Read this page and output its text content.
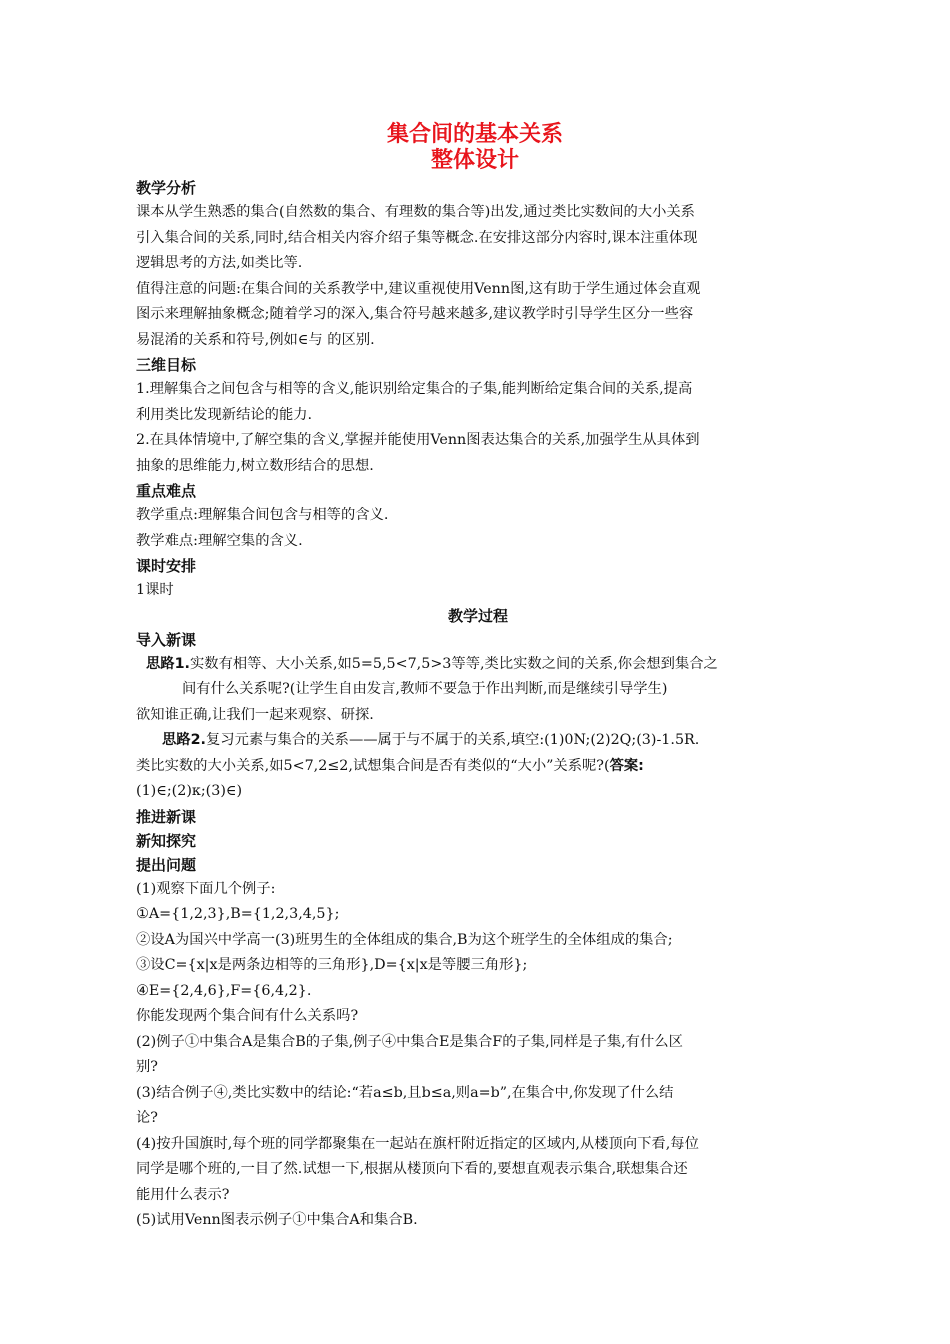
集合间的基本关系
整体设计
教学分析

课本从学生熟悉的集合(自然数的集合、有理数的集合等)出发,通过类比实数间的大小关系

引入集合间的关系,同时,结合相关内容介绍子集等概念.在安排这部分内容时,课本注重体现

逻辑思考的方法,如类比等.

值得注意的问题:在集合间的关系教学中,建议重视使用Venn图,这有助于学生通过体会直观

图示来理解抽象概念;随着学习的深入,集合符号越来越多,建议教学时引导学生区分一些容

易混淆的关系和符号,例如∈与 的区别.

三维目标

1.理解集合之间包含与相等的含义,能识别给定集合的子集,能判断给定集合间的关系,提高

利用类比发现新结论的能力.

2.在具体情境中,了解空集的含义,掌握并能使用Venn图表达集合的关系,加强学生从具体到

抽象的思维能力,树立数形结合的思想.

重点难点

教学重点:理解集合间包含与相等的含义.

教学难点:理解空集的含义.

课时安排

1课时

教学过程
导入新课

思路1.实数有相等、大小关系,如5=5,5<7,5>3等等,类比实数之间的关系,你会想到集合之

间有什么关系呢?(让学生自由发言,教师不要急于作出判断,而是继续引导学生)

欲知谁正确,让我们一起来观察、研探.

思路2.复习元素与集合的关系——属于与不属于的关系,填空:(1)0N;(2)2Q;(3)-1.5R.

类比实数的大小关系,如5<7,2≤2,试想集合间是否有类似的“大小”关系呢?(答案:

(1)∈;(2)κ;(3)∈)

推进新课
新知探究
提出问题

(1)观察下面几个例子:

①A={1,2,3},B={1,2,3,4,5};

②设A为国兴中学高一(3)班男生的全体组成的集合,B为这个班学生的全体组成的集合;

③设C={x|x是两条边相等的三角形},D={x|x是等腰三角形};

④E={2,4,6},F={6,4,2}.

你能发现两个集合间有什么关系吗?

(2)例子①中集合A是集合B的子集,例子④中集合E是集合F的子集,同样是子集,有什么区

别?

(3)结合例子④,类比实数中的结论:“若a≤b,且b≤a,则a=b”,在集合中,你发现了什么结

论?

(4)按升国旗时,每个班的同学都聚集在一起站在旗杆附近指定的区域内,从楼顶向下看,每位

同学是哪个班的,一目了然.试想一下,根据从楼顶向下看的,要想直观表示集合,联想集合还

能用什么表示?

(5)试用Venn图表示例子①中集合A和集合B.
